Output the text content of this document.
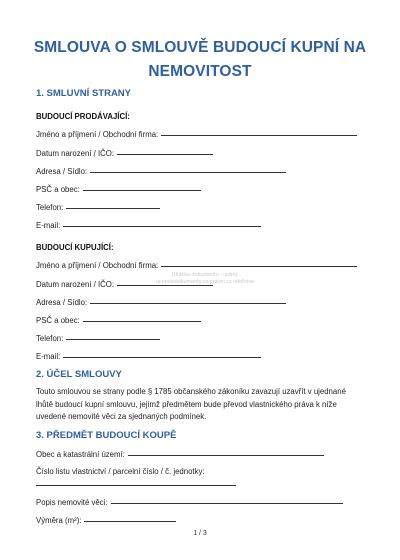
SMLOUVA O SMLOUVĚ BUDOUCÍ KUPNÍ NA
NEMOVITOST
1. SMLUVNÍ STRANY
BUDOUCÍ PRODÁVAJÍCÍ:
Jméno a příjmení / Obchodní firma:
Datum narození / IČO:
Adresa / Sídlo:
PSČ a obec:
Telefon:
E-mail:
BUDOUCÍ KUPUJÍCÍ:
Jméno a příjmení / Obchodní firma:
Datum narození / IČO:
Adresa / Sídlo:
PSČ a obec:
Telefon:
E-mail:
2. ÚČEL SMLOUVY
Touto smlouvou se strany podle § 1785 občanského zákoníku zavazují uzavřít v ujednané lhůtě budoucí kupní smlouvu, jejímž předmětem bude převod vlastnického práva k níže uvedené nemovité věci za sjednaných podmínek.
3. PŘEDMĚT BUDOUCÍ KOUPĚ
Obec a katastrální území:
Číslo listu vlastnictví / parcelní číslo / č. jednotky:
Popis nemovité věci:
Výměra (m²):
Ukázka dokumentu – zdroj:
ucetnividokumenty.cz pravni.cz telefonie
1 / 3
